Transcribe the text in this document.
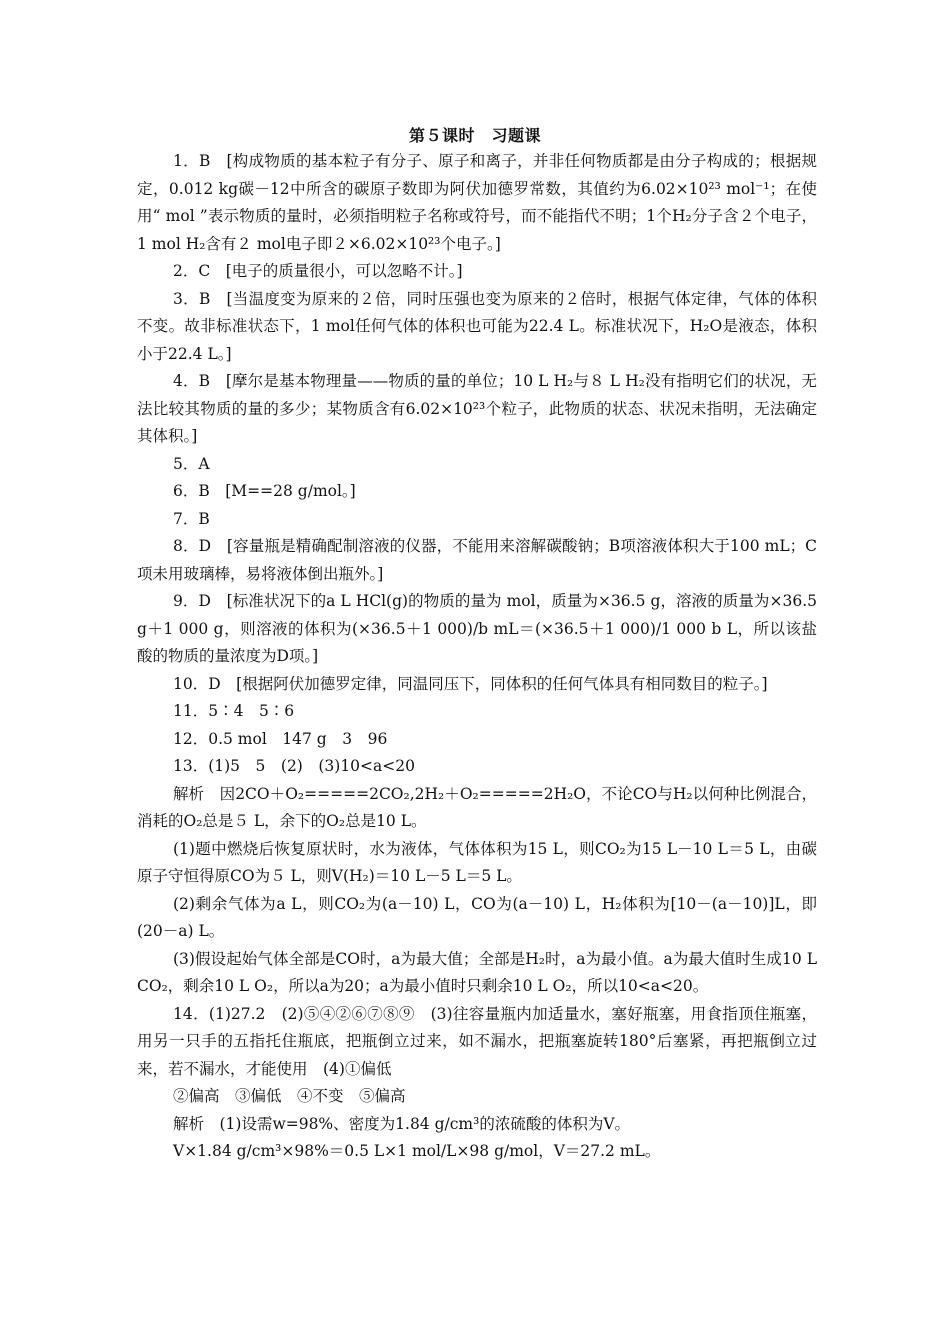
第５课时　习题课

1．B　[构成物质的基本粒子有分子、原子和离子，并非任何物质都是由分子构成的；根据规定，0.012 kg碳－12中所含的碳原子数即为阿伏加德罗常数，其值约为6.02×10²³ mol⁻¹；在使用“ mol ”表示物质的量时，必须指明粒子名称或符号，而不能指代不明；1个H₂分子含２个电子，1 mol H₂含有２ mol电子即２×6.02×10²³个电子。]

2．C　[电子的质量很小，可以忽略不计。]

3．B　[当温度变为原来的２倍，同时压强也变为原来的２倍时，根据气体定律，气体的体积不变。故非标准状态下，1 mol任何气体的体积也可能为22.4 L。标准状况下，H₂O是液态，体积小于22.4 L。]

4．B　[摩尔是基本物理量——物质的量的单位；10 L H₂与８ L H₂没有指明它们的状况，无法比较其物质的量的多少；某物质含有6.02×10²³个粒子，此物质的状态、状况未指明，无法确定其体积。]

5．A

6．B　[M==28 g/mol。]

7．B

8．D　[容量瓶是精确配制溶液的仪器，不能用来溶解碳酸钠；B项溶液体积大于100 mL；C项未用玻璃棒，易将液体倒出瓶外。]

9．D　[标准状况下的a L HCl(g)的物质的量为 mol，质量为×36.5 g，溶液的质量为×36.5 g＋1 000 g，则溶液的体积为(×36.5＋1 000)/b mL＝(×36.5＋1 000)/1 000 b L，所以该盐酸的物质的量浓度为D项。]

10．D　[根据阿伏加德罗定律，同温同压下，同体积的任何气体具有相同数目的粒子。]

11．5∶4　5∶6

12．0.5 mol　147 g　3　96

13．(1)5　5　(2)　(3)10<a<20

解析　因2CO＋O₂=====2CO₂,2H₂＋O₂=====2H₂O，不论CO与H₂以何种比例混合，消耗的O₂总是５ L，余下的O₂总是10 L。

(1)题中燃烧后恢复原状时，水为液体，气体体积为15 L，则CO₂为15 L－10 L＝5 L，由碳原子守恒得原CO为５ L，则V(H₂)＝10 L－5 L＝5 L。

(2)剩余气体为a L，则CO₂为(a－10) L，CO为(a－10) L，H₂体积为[10－(a－10)]L，即(20－a) L。

(3)假设起始气体全部是CO时，a为最大值；全部是H₂时，a为最小值。a为最大值时生成10 L CO₂，剩余10 L O₂，所以a为20；a为最小值时只剩余10 L O₂，所以10<a<20。

14．(1)27.2　(2)⑤④②⑥⑦⑧⑨　(3)往容量瓶内加适量水，塞好瓶塞，用食指顶住瓶塞，用另一只手的五指托住瓶底，把瓶倒立过来，如不漏水，把瓶塞旋转180°后塞紧，再把瓶倒立过来，若不漏水，才能使用　(4)①偏低

②偏高　③偏低　④不变　⑤偏高

解析　(1)设需w=98%、密度为1.84 g/cm³的浓硫酸的体积为V。

V×1.84 g/cm³×98%＝0.5 L×1 mol/L×98 g/mol，V＝27.2 mL。
